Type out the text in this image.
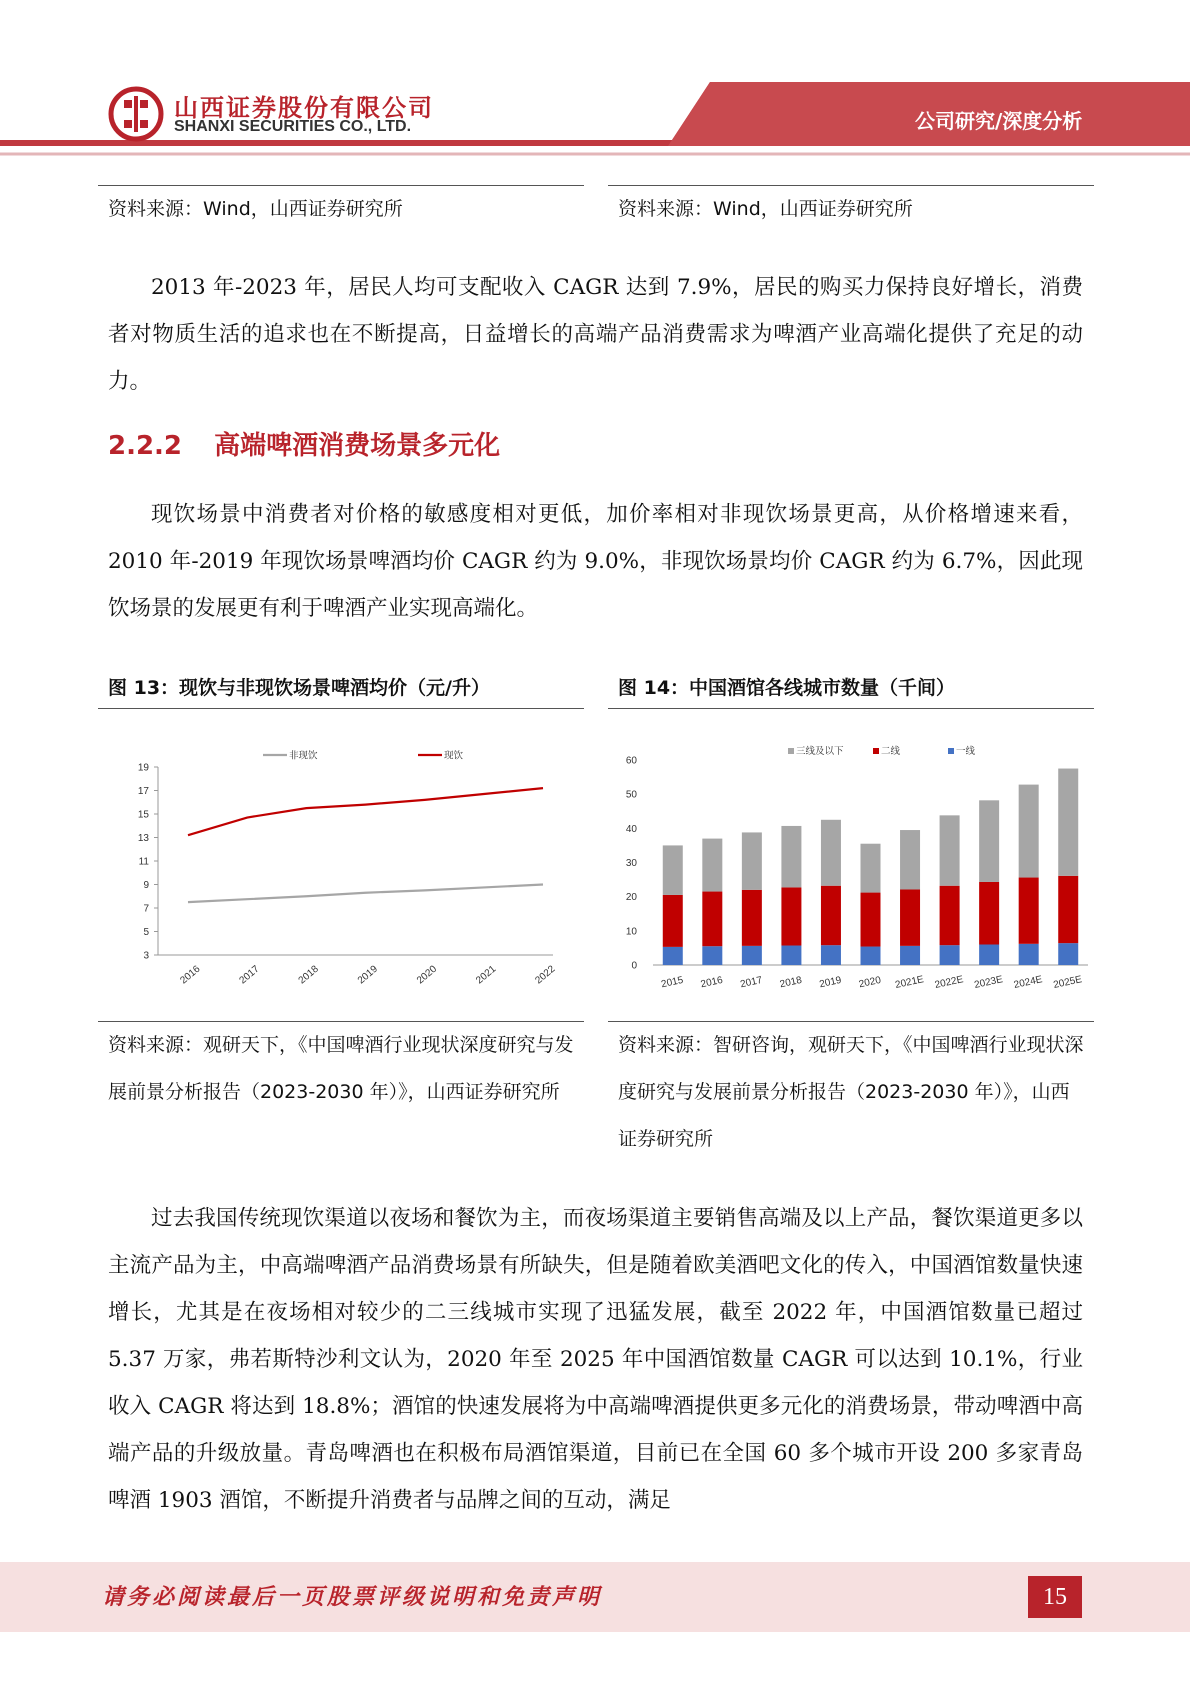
山西证券股份有限公司
SHANXI SECURITIES CO., LTD.	公司研究/深度分析
资料来源：Wind，山西证券研究所	资料来源：Wind，山西证券研究所

2013 年-2023 年，居民人均可支配收入 CAGR 达到 7.9%，居民的购买力保持良好增长，消费者对物质生活的追求也在不断提高，日益增长的高端产品消费需求为啤酒产业高端化提供了充足的动力。

2.2.2 高端啤酒消费场景多元化

现饮场景中消费者对价格的敏感度相对更低，加价率相对非现饮场景更高，从价格增速来看，2010 年-2019 年现饮场景啤酒均价 CAGR 约为 9.0%，非现饮场景均价 CAGR 约为 6.7%，因此现饮场景的发展更有利于啤酒产业实现高端化。

图 13：现饮与非现饮场景啤酒均价（元/升）	图 14：中国酒馆各线城市数量（千间）
3
5
7
9
11
13
15
17
19
2016	2017	2018	2019	2020	2021	2022
非现饮	现饮
0
10
20
30
40
50
60
2015 2016 2017 2018 2019 2020 2021E 2022E 2023E 2024E 2025E
三线及以下	二线	一线
资料来源：观研天下，《中国啤酒行业现状深度研究与发展前景分析报告（2023-2030 年）》，山西证券研究所
资料来源：智研咨询，观研天下，《中国啤酒行业现状深度研究与发展前景分析报告（2023-2030 年）》，山西证券研究所

过去我国传统现饮渠道以夜场和餐饮为主，而夜场渠道主要销售高端及以上产品，餐饮渠道更多以主流产品为主，中高端啤酒产品消费场景有所缺失，但是随着欧美酒吧文化的传入，中国酒馆数量快速增长，尤其是在夜场相对较少的二三线城市实现了迅猛发展，截至 2022 年，中国酒馆数量已超过 5.37 万家，弗若斯特沙利文认为，2020 年至 2025 年中国酒馆数量 CAGR 可以达到 10.1%，行业收入 CAGR 将达到 18.8%；酒馆的快速发展将为中高端啤酒提供更多元化的消费场景，带动啤酒中高端产品的升级放量。青岛啤酒也在积极布局酒馆渠道，目前已在全国 60 多个城市开设 200 多家青岛啤酒 1903 酒馆，不断提升消费者与品牌之间的互动，满足

请务必阅读最后一页股票评级说明和免责声明	15
